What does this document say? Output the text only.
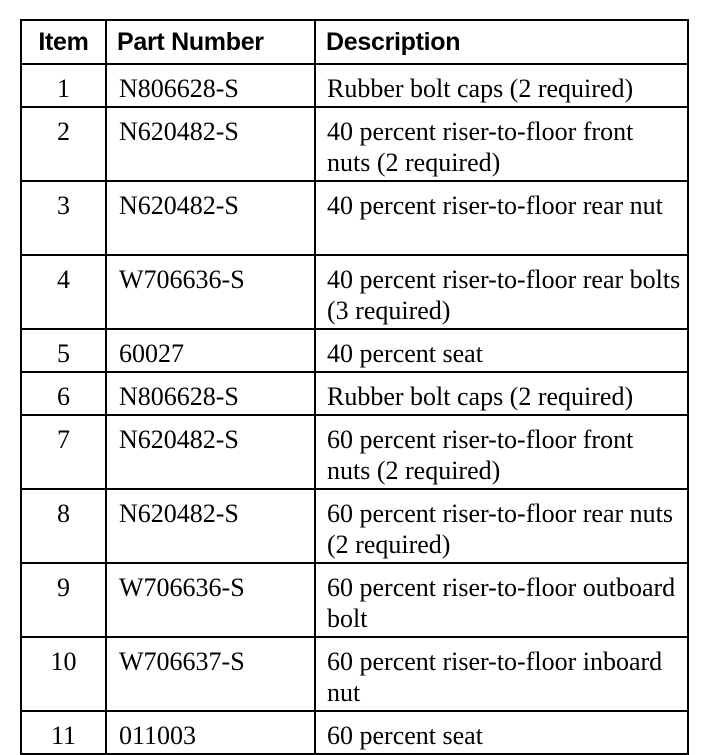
Item	Part Number	Description
1	N806628-S	Rubber bolt caps (2 required)
2	N620482-S	40 percent riser-to-floor front nuts (2 required)
3	N620482-S	40 percent riser-to-floor rear nut
4	W706636-S	40 percent riser-to-floor rear bolts (3 required)
5	60027	40 percent seat
6	N806628-S	Rubber bolt caps (2 required)
7	N620482-S	60 percent riser-to-floor front nuts (2 required)
8	N620482-S	60 percent riser-to-floor rear nuts (2 required)
9	W706636-S	60 percent riser-to-floor outboard bolt
10	W706637-S	60 percent riser-to-floor inboard nut
11	011003	60 percent seat
